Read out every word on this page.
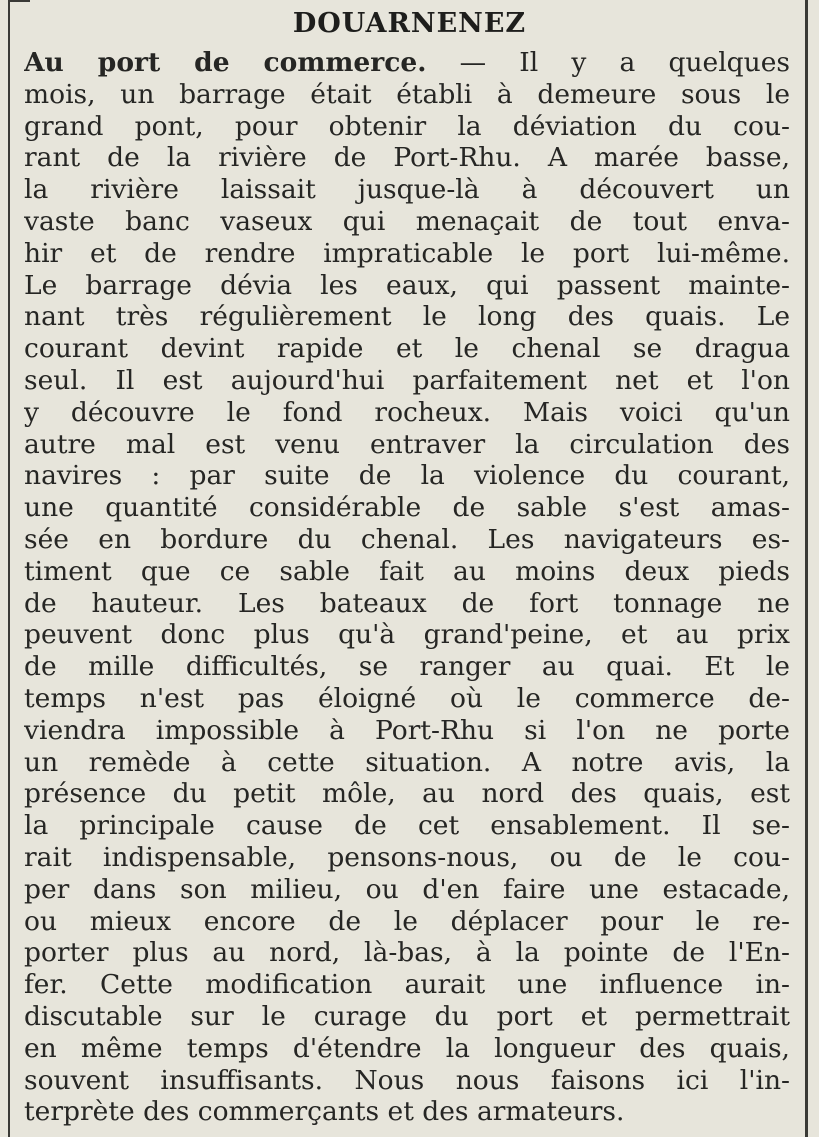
DOUARNENEZ
Au port de commerce. — Il y a quelques
mois, un barrage était établi à demeure sous le
grand pont, pour obtenir la déviation du cou-
rant de la rivière de Port-Rhu. A marée basse,
la rivière laissait jusque-là à découvert un
vaste banc vaseux qui menaçait de tout enva-
hir et de rendre impraticable le port lui-même.
Le barrage dévia les eaux, qui passent mainte-
nant très régulièrement le long des quais. Le
courant devint rapide et le chenal se dragua
seul. Il est aujourd'hui parfaitement net et l'on
y découvre le fond rocheux. Mais voici qu'un
autre mal est venu entraver la circulation des
navires : par suite de la violence du courant,
une quantité considérable de sable s'est amas-
sée en bordure du chenal. Les navigateurs es-
timent que ce sable fait au moins deux pieds
de hauteur. Les bateaux de fort tonnage ne
peuvent donc plus qu'à grand'peine, et au prix
de mille difficultés, se ranger au quai. Et le
temps n'est pas éloigné où le commerce de-
viendra impossible à Port-Rhu si l'on ne porte
un remède à cette situation. A notre avis, la
présence du petit môle, au nord des quais, est
la principale cause de cet ensablement. Il se-
rait indispensable, pensons-nous, ou de le cou-
per dans son milieu, ou d'en faire une estacade,
ou mieux encore de le déplacer pour le re-
porter plus au nord, là-bas, à la pointe de l'En-
fer. Cette modification aurait une influence in-
discutable sur le curage du port et permettrait
en même temps d'étendre la longueur des quais,
souvent insuffisants. Nous nous faisons ici l'in-
terprète des commerçants et des armateurs.
